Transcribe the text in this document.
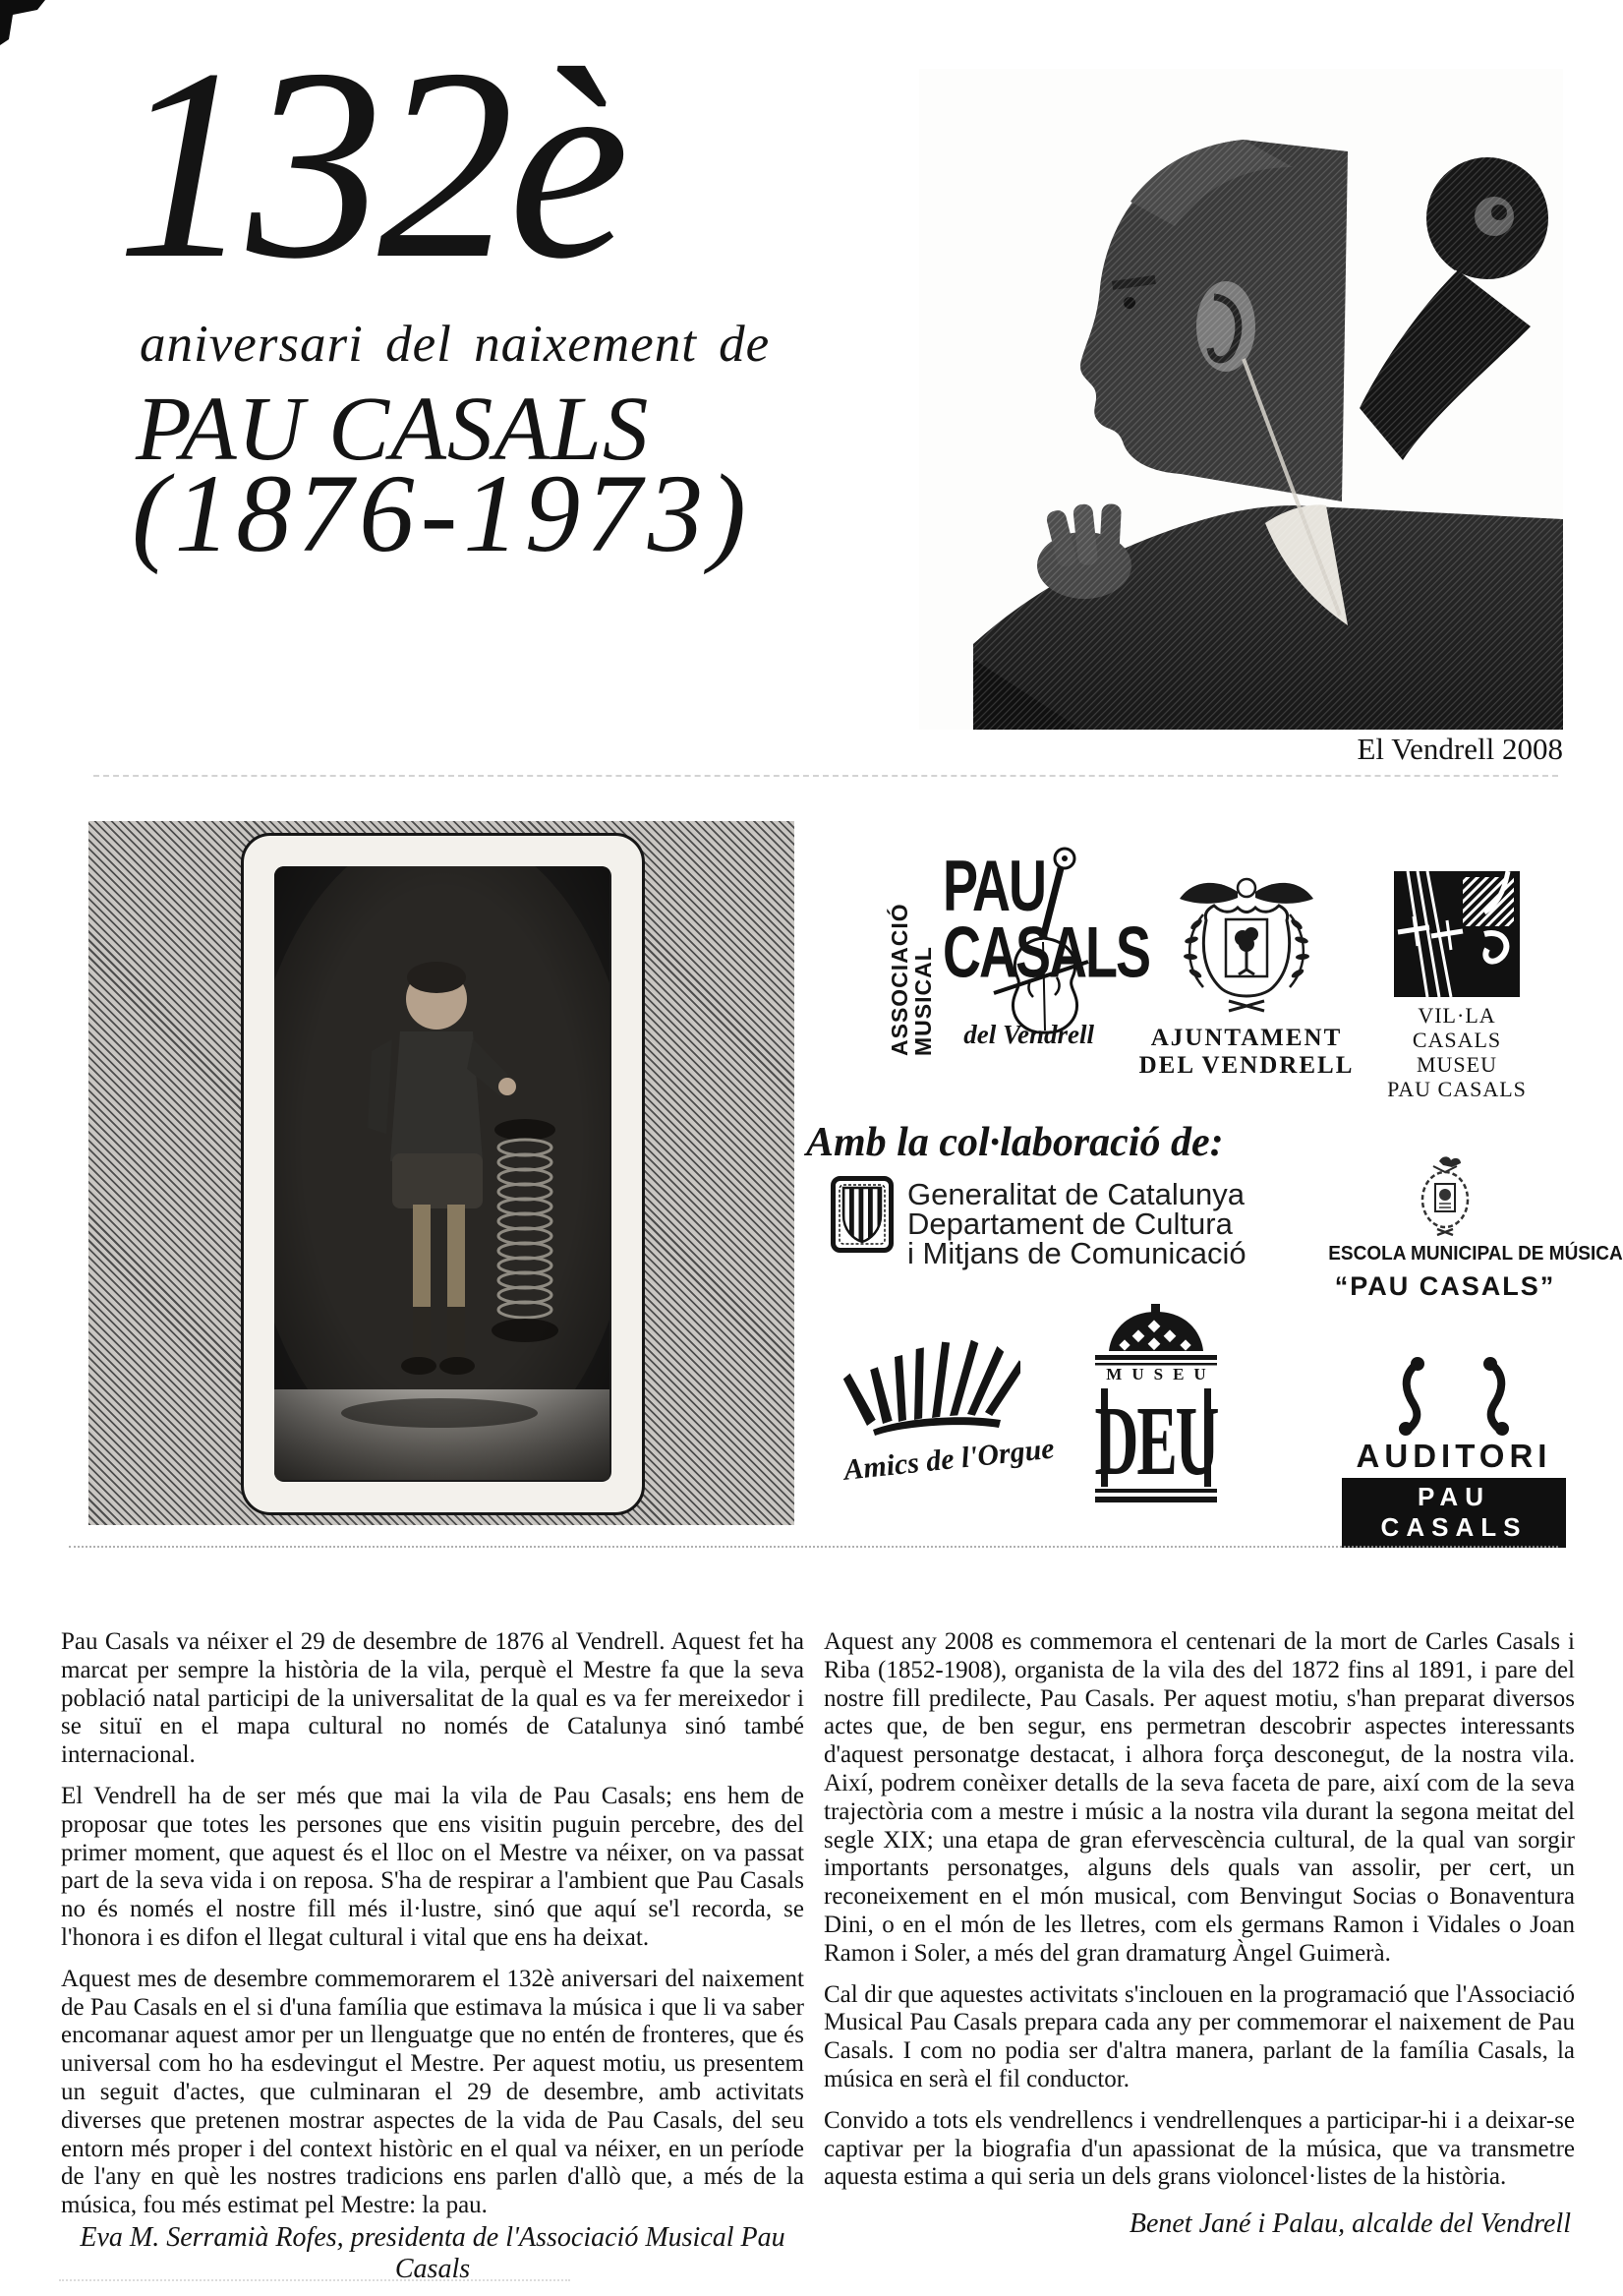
132è
aniversari del naixement de
PAU CASALS
(1876-1973)
El Vendrell 2008
ASSOCIACIÓ
MUSICAL
PAU
CASALS
del Vendrell	AJUNTAMENT
DEL VENDRELL
VIL·LA CASALS
MUSEU
PAU CASALS
Amb la col·laboració de:
Generalitat de Catalunya
Departament de Cultura
i Mitjans de Comunicació	ESCOLA MUNICIPAL DE MÚSICA
“PAU CASALS”
Amics de l'Orgue
MUSEU
DEU	AUDITORI
PAU CASALS

Pau Casals va néixer el 29 de desembre de 1876 al Vendrell. Aquest fet ha marcat per sempre la història de la vila, perquè el Mestre fa que la seva població natal participi de la universalitat de la qual es va fer mereixedor i se situï en el mapa cultural no només de Catalunya sinó també internacional.

El Vendrell ha de ser més que mai la vila de Pau Casals; ens hem de proposar que totes les persones que ens visitin puguin percebre, des del primer moment, que aquest és el lloc on el Mestre va néixer, on va passat part de la seva vida i on reposa. S'ha de respirar a l'ambient que Pau Casals no és només el nostre fill més il·lustre, sinó que aquí se'l recorda, se l'honora i es difon el llegat cultural i vital que ens ha deixat.

Aquest mes de desembre commemorarem el 132è aniversari del naixement de Pau Casals en el si d'una família que estimava la música i que li va saber encomanar aquest amor per un llenguatge que no entén de fronteres, que és universal com ho ha esdevingut el Mestre. Per aquest motiu, us presentem un seguit d'actes, que culminaran el 29 de desembre, amb activitats diverses que pretenen mostrar aspectes de la vida de Pau Casals, del seu entorn més proper i del context històric en el qual va néixer, en un període de l'any en què les nostres tradicions ens parlen d'allò que, a més de la música, fou més estimat pel Mestre: la pau.

Aquest any 2008 es commemora el centenari de la mort de Carles Casals i Riba (1852-1908), organista de la vila des del 1872 fins al 1891, i pare del nostre fill predilecte, Pau Casals. Per aquest motiu, s'han preparat diversos actes que, de ben segur, ens permetran descobrir aspectes interessants d'aquest personatge destacat, i alhora força desconegut, de la nostra vila. Així, podrem conèixer detalls de la seva faceta de pare, així com de la seva trajectòria com a mestre i músic a la nostra vila durant la segona meitat del segle XIX; una etapa de gran efervescència cultural, de la qual van sorgir importants personatges, alguns dels quals van assolir, per cert, un reconeixement en el món musical, com Benvingut Socias o Bonaventura Dini, o en el món de les lletres, com els germans Ramon i Vidales o Joan Ramon i Soler, a més del gran dramaturg Àngel Guimerà.

Cal dir que aquestes activitats s'inclouen en la programació que l'Associació Musical Pau Casals prepara cada any per commemorar el naixement de Pau Casals. I com no podia ser d'altra manera, parlant de la família Casals, la música en serà el fil conductor.

Convido a tots els vendrellencs i vendrellenques a participar-hi i a deixar-se captivar per la biografia d'un apassionat de la música, que va transmetre aquesta estima a qui seria un dels grans violoncel·listes de la història.

Eva M. Serramià Rofes, presidenta de l'Associació Musical Pau Casals
Benet Jané i Palau, alcalde del Vendrell
